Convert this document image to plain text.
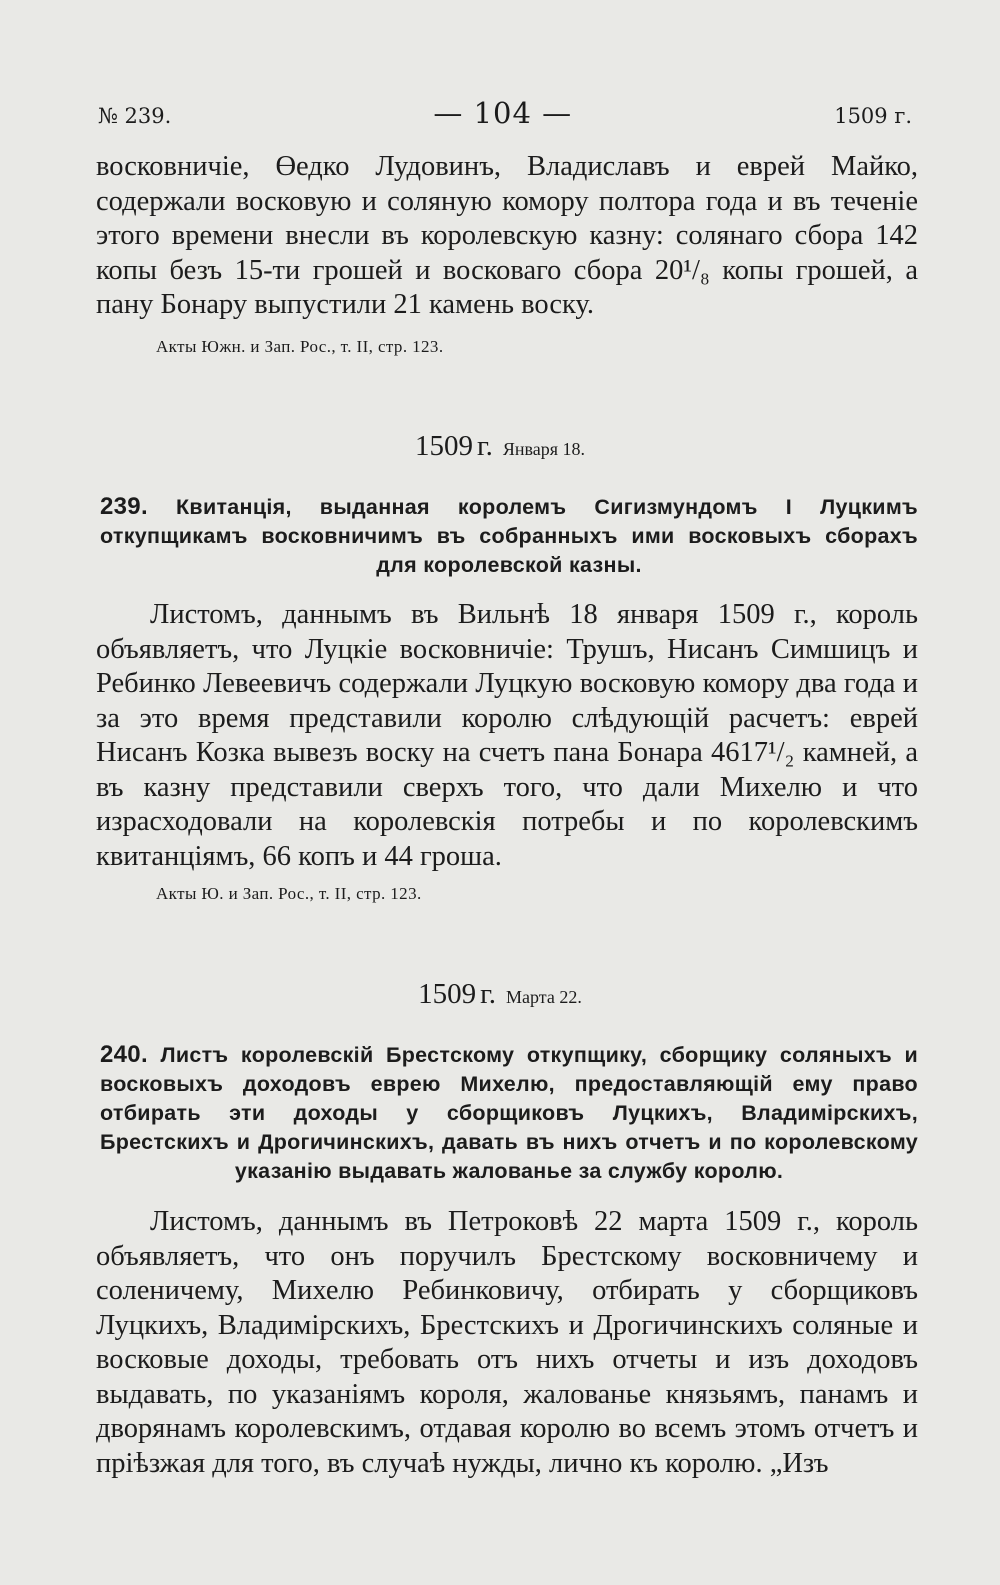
№ 239.	— 104 —	1509 г.

восковничіе, Өедко Лудовинъ, Владиславъ и еврей Майко, содержали восковую и соляную комору полтора года и въ теченіе этого времени внесли въ королевскую казну: солянаго сбора 142 копы безъ 15-ти грошей и восковаго сбора 20¹/₈ копы грошей, а пану Бонару выпустили 21 камень воску.

Акты Южн. и Зап. Рос., т. II, стр. 123.
1509 г. Января 18.
239. Квитанція, выданная королемъ Сигизмундомъ I Луцкимъ откупщикамъ восковничимъ въ собранныхъ ими восковыхъ сборахъ для королевской казны.

Листомъ, даннымъ въ Вильнѣ 18 января 1509 г., король объявляетъ, что Луцкіе восковничіе: Трушъ, Нисанъ Симшицъ и Ребинко Левеевичъ содержали Луцкую восковую комору два года и за это время представили королю слѣдующій расчетъ: еврей Нисанъ Козка вывезъ воску на счетъ пана Бонара 4617¹/₂ камней, а въ казну представили сверхъ того, что дали Михелю и что израсходовали на королевскія потребы и по королевскимъ квитанціямъ, 66 копъ и 44 гроша.

Акты Ю. и Зап. Рос., т. II, стр. 123.
1509 г. Марта 22.
240. Листъ королевскій Брестскому откупщику, сборщику соляныхъ и восковыхъ доходовъ еврею Михелю, предоставляющій ему право отбирать эти доходы у сборщиковъ Луцкихъ, Владимірскихъ, Брестскихъ и Дрогичинскихъ, давать въ нихъ отчетъ и по королевскому указанію выдавать жалованье за службу королю.

Листомъ, даннымъ въ Петроковѣ 22 марта 1509 г., король объявляетъ, что онъ поручилъ Брестскому восковничему и соленичему, Михелю Ребинковичу, отбирать у сборщиковъ Луцкихъ, Владимірскихъ, Брестскихъ и Дрогичинскихъ соляные и восковые доходы, требовать отъ нихъ отчеты и изъ доходовъ выдавать, по указаніямъ короля, жалованье князьямъ, панамъ и дворянамъ королевскимъ, отдавая королю во всемъ этомъ отчетъ и пріѣзжая для того, въ случаѣ нужды, лично къ королю. „Изъ
